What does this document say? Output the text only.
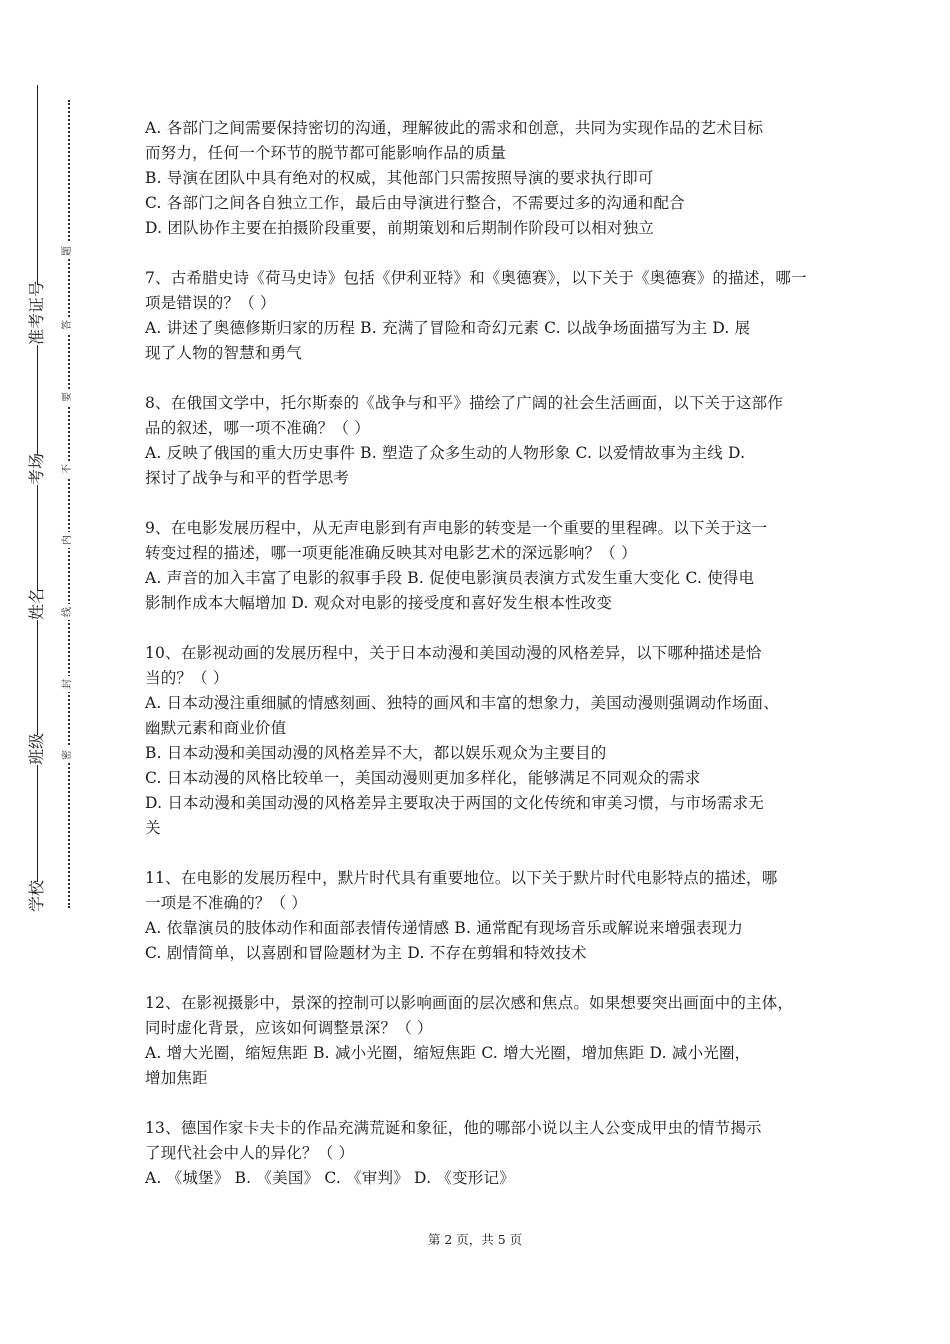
准考证号
考场
姓名
班级
学校
题
答
要
不
内
线
封
密
A. 各部门之间需要保持密切的沟通，理解彼此的需求和创意，共同为实现作品的艺术目标
而努力，任何一个环节的脱节都可能影响作品的质量
B. 导演在团队中具有绝对的权威，其他部门只需按照导演的要求执行即可
C. 各部门之间各自独立工作，最后由导演进行整合，不需要过多的沟通和配合
D. 团队协作主要在拍摄阶段重要，前期策划和后期制作阶段可以相对独立
7、古希腊史诗《荷马史诗》包括《伊利亚特》和《奥德赛》，以下关于《奥德赛》的描述，哪一
项是错误的？（ ）
A. 讲述了奥德修斯归家的历程 B. 充满了冒险和奇幻元素 C. 以战争场面描写为主 D. 展
现了人物的智慧和勇气
8、在俄国文学中，托尔斯泰的《战争与和平》描绘了广阔的社会生活画面，以下关于这部作
品的叙述，哪一项不准确？（ ）
A. 反映了俄国的重大历史事件 B. 塑造了众多生动的人物形象 C. 以爱情故事为主线 D.
探讨了战争与和平的哲学思考
9、在电影发展历程中，从无声电影到有声电影的转变是一个重要的里程碑。以下关于这一
转变过程的描述，哪一项更能准确反映其对电影艺术的深远影响？（ ）
A. 声音的加入丰富了电影的叙事手段 B. 促使电影演员表演方式发生重大变化 C. 使得电
影制作成本大幅增加 D. 观众对电影的接受度和喜好发生根本性改变
10、在影视动画的发展历程中，关于日本动漫和美国动漫的风格差异，以下哪种描述是恰
当的？（ ）
A. 日本动漫注重细腻的情感刻画、独特的画风和丰富的想象力，美国动漫则强调动作场面、
幽默元素和商业价值
B. 日本动漫和美国动漫的风格差异不大，都以娱乐观众为主要目的
C. 日本动漫的风格比较单一，美国动漫则更加多样化，能够满足不同观众的需求
D. 日本动漫和美国动漫的风格差异主要取决于两国的文化传统和审美习惯，与市场需求无
关
11、在电影的发展历程中，默片时代具有重要地位。以下关于默片时代电影特点的描述，哪
一项是不准确的？（ ）
A. 依靠演员的肢体动作和面部表情传递情感 B. 通常配有现场音乐或解说来增强表现力
C. 剧情简单，以喜剧和冒险题材为主 D. 不存在剪辑和特效技术
12、在影视摄影中，景深的控制可以影响画面的层次感和焦点。如果想要突出画面中的主体，
同时虚化背景，应该如何调整景深？（ ）
A. 增大光圈，缩短焦距 B. 减小光圈，缩短焦距 C. 增大光圈，增加焦距 D. 减小光圈，
增加焦距
13、德国作家卡夫卡的作品充满荒诞和象征，他的哪部小说以主人公变成甲虫的情节揭示
了现代社会中人的异化？（ ）
A. 《城堡》 B. 《美国》 C. 《审判》 D. 《变形记》
第 2 页，共 5 页
